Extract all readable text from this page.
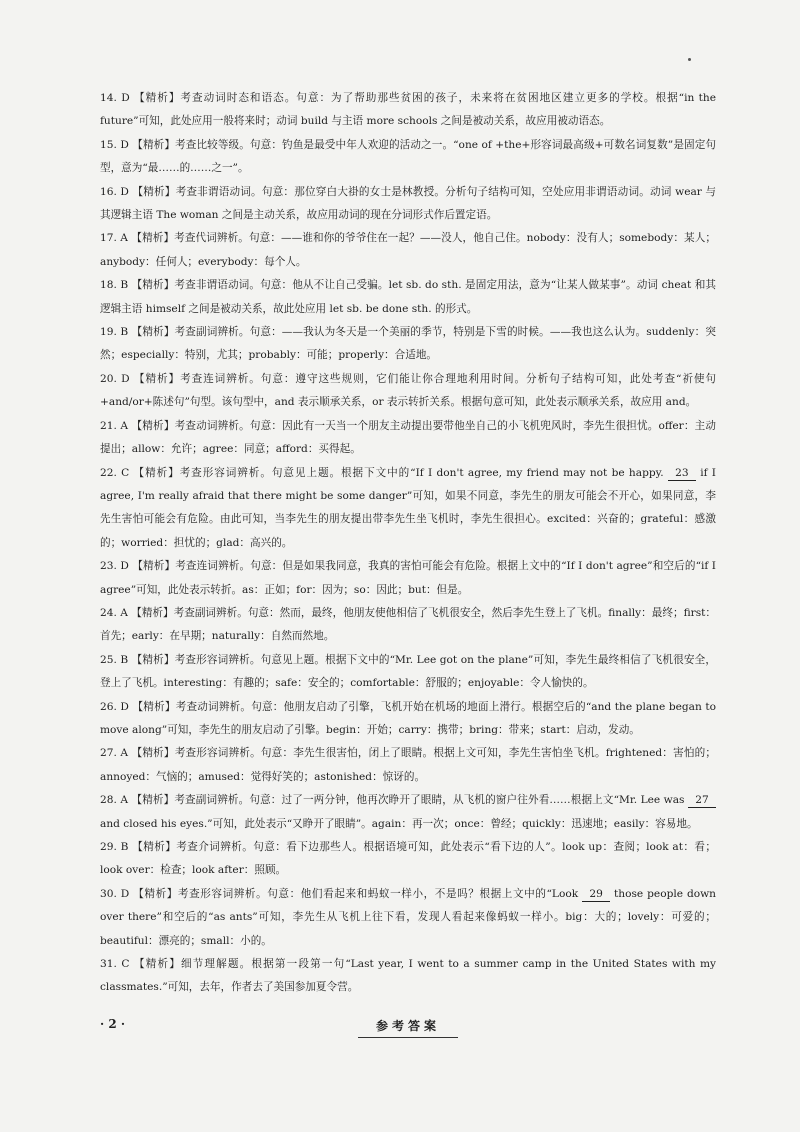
14. D 【精析】考查动词时态和语态。句意：为了帮助那些贫困的孩子，未来将在贫困地区建立更多的学校。根据“in the future”可知，此处应用一般将来时；动词 build 与主语 more schools 之间是被动关系，故应用被动语态。

15. D 【精析】考查比较等级。句意：钓鱼是最受中年人欢迎的活动之一。“one of +the+形容词最高级+可数名词复数”是固定句型，意为“最……的……之一”。

16. D 【精析】考查非谓语动词。句意：那位穿白大褂的女士是林教授。分析句子结构可知，空处应用非谓语动词。动词 wear 与其逻辑主语 The woman 之间是主动关系，故应用动词的现在分词形式作后置定语。

17. A 【精析】考查代词辨析。句意：——谁和你的爷爷住在一起？——没人，他自己住。nobody：没有人；somebody：某人；anybody：任何人；everybody：每个人。

18. B 【精析】考查非谓语动词。句意：他从不让自己受骗。let sb. do sth. 是固定用法，意为“让某人做某事”。动词 cheat 和其逻辑主语 himself 之间是被动关系，故此处应用 let sb. be done sth. 的形式。

19. B 【精析】考查副词辨析。句意：——我认为冬天是一个美丽的季节，特别是下雪的时候。——我也这么认为。suddenly：突然；especially：特别，尤其；probably：可能；properly：合适地。

20. D 【精析】考查连词辨析。句意：遵守这些规则，它们能让你合理地利用时间。分析句子结构可知，此处考查“祈使句+and/or+陈述句”句型。该句型中，and 表示顺承关系，or 表示转折关系。根据句意可知，此处表示顺承关系，故应用 and。

21. A 【精析】考查动词辨析。句意：因此有一天当一个朋友主动提出要带他坐自己的小飞机兜风时，李先生很担忧。offer：主动提出；allow：允许；agree：同意；afford：买得起。

22. C 【精析】考查形容词辨析。句意见上题。根据下文中的“If I don't agree, my friend may not be happy. 23 if I agree, I'm really afraid that there might be some danger”可知，如果不同意，李先生的朋友可能会不开心，如果同意，李先生害怕可能会有危险。由此可知，当李先生的朋友提出带李先生坐飞机时，李先生很担心。excited：兴奋的；grateful：感激的；worried：担忧的；glad：高兴的。

23. D 【精析】考查连词辨析。句意：但是如果我同意，我真的害怕可能会有危险。根据上文中的“If I don't agree”和空后的“if I agree”可知，此处表示转折。as：正如；for：因为；so：因此；but：但是。

24. A 【精析】考查副词辨析。句意：然而，最终，他朋友使他相信了飞机很安全，然后李先生登上了飞机。finally：最终；first：首先；early：在早期；naturally：自然而然地。

25. B 【精析】考查形容词辨析。句意见上题。根据下文中的“Mr. Lee got on the plane”可知，李先生最终相信了飞机很安全，登上了飞机。interesting：有趣的；safe：安全的；comfortable：舒服的；enjoyable：令人愉快的。

26. D 【精析】考查动词辨析。句意：他朋友启动了引擎，飞机开始在机场的地面上滑行。根据空后的“and the plane began to move along”可知，李先生的朋友启动了引擎。begin：开始；carry：携带；bring：带来；start：启动，发动。

27. A 【精析】考查形容词辨析。句意：李先生很害怕，闭上了眼睛。根据上文可知，李先生害怕坐飞机。frightened：害怕的；annoyed：气恼的；amused：觉得好笑的；astonished：惊讶的。

28. A 【精析】考查副词辨析。句意：过了一两分钟，他再次睁开了眼睛，从飞机的窗户往外看……根据上文“Mr. Lee was 27 and closed his eyes.”可知，此处表示“又睁开了眼睛”。again：再一次；once：曾经；quickly：迅速地；easily：容易地。

29. B 【精析】考查介词辨析。句意：看下边那些人。根据语境可知，此处表示“看下边的人”。look up：查阅；look at：看；look over：检查；look after：照顾。

30. D 【精析】考查形容词辨析。句意：他们看起来和蚂蚁一样小，不是吗？根据上文中的“Look 29 those people down over there”和空后的“as ants”可知，李先生从飞机上往下看，发现人看起来像蚂蚁一样小。big：大的；lovely：可爱的；beautiful：漂亮的；small：小的。

31. C 【精析】细节理解题。根据第一段第一句“Last year, I went to a summer camp in the United States with my classmates.”可知，去年，作者去了美国参加夏令营。

· 2 ·	参考答案
